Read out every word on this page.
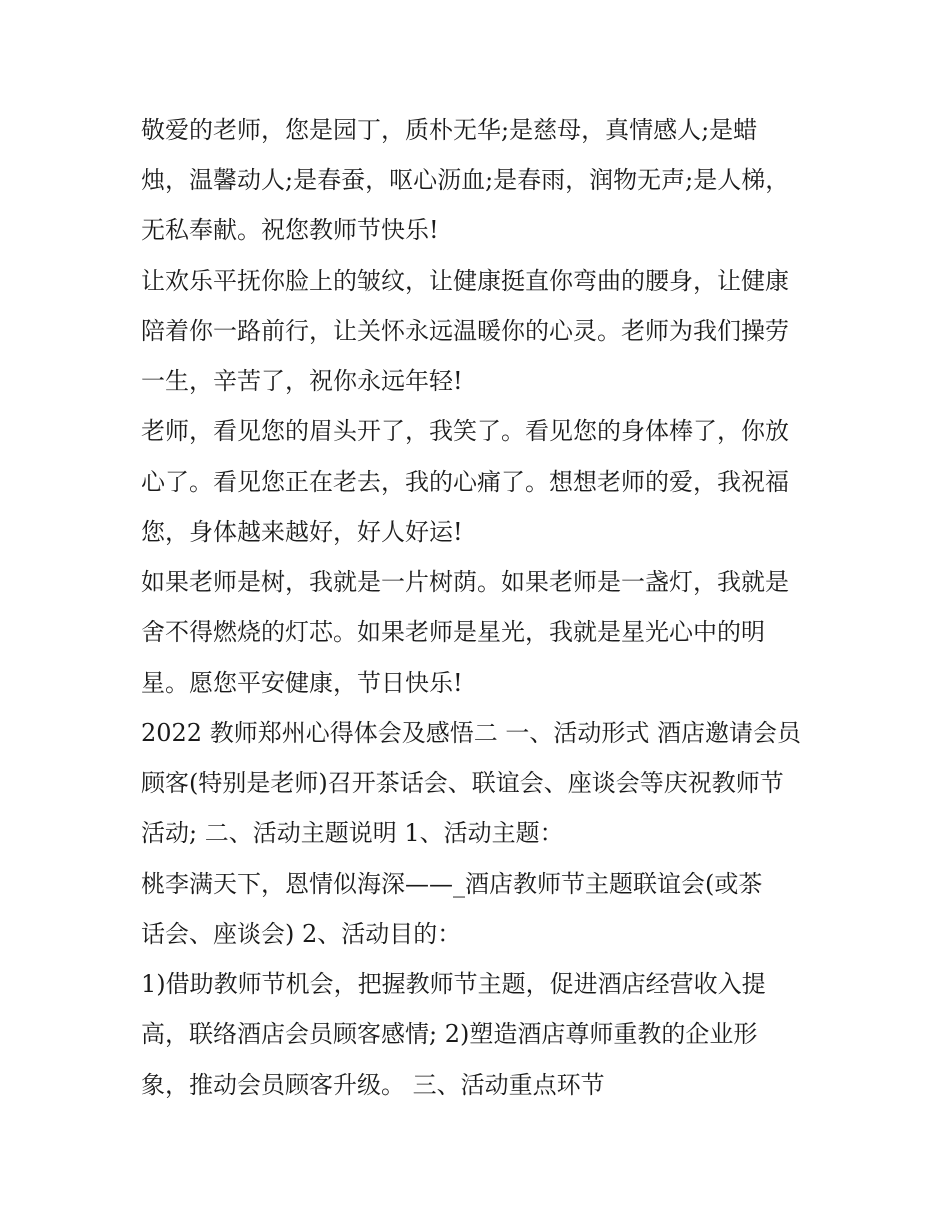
敬爱的老师，您是园丁，质朴无华;是慈母，真情感人;是蜡

烛，温馨动人;是春蚕，呕心沥血;是春雨，润物无声;是人梯，

无私奉献。祝您教师节快乐!

让欢乐平抚你脸上的皱纹，让健康挺直你弯曲的腰身，让健康

陪着你一路前行，让关怀永远温暖你的心灵。老师为我们操劳

一生，辛苦了，祝你永远年轻!

老师，看见您的眉头开了，我笑了。看见您的身体棒了，你放

心了。看见您正在老去，我的心痛了。想想老师的爱，我祝福

您，身体越来越好，好人好运!

如果老师是树，我就是一片树荫。如果老师是一盏灯，我就是

舍不得燃烧的灯芯。如果老师是星光，我就是星光心中的明

星。愿您平安健康，节日快乐!

2022 教师郑州心得体会及感悟二 一、活动形式 酒店邀请会员

顾客(特别是老师)召开茶话会、联谊会、座谈会等庆祝教师节

活动; 二、活动主题说明 1、活动主题：

桃李满天下，恩情似海深——_酒店教师节主题联谊会(或茶

话会、座谈会) 2、活动目的：

1)借助教师节机会，把握教师节主题，促进酒店经营收入提

高，联络酒店会员顾客感情; 2)塑造酒店尊师重教的企业形

象，推动会员顾客升级。 三、活动重点环节
